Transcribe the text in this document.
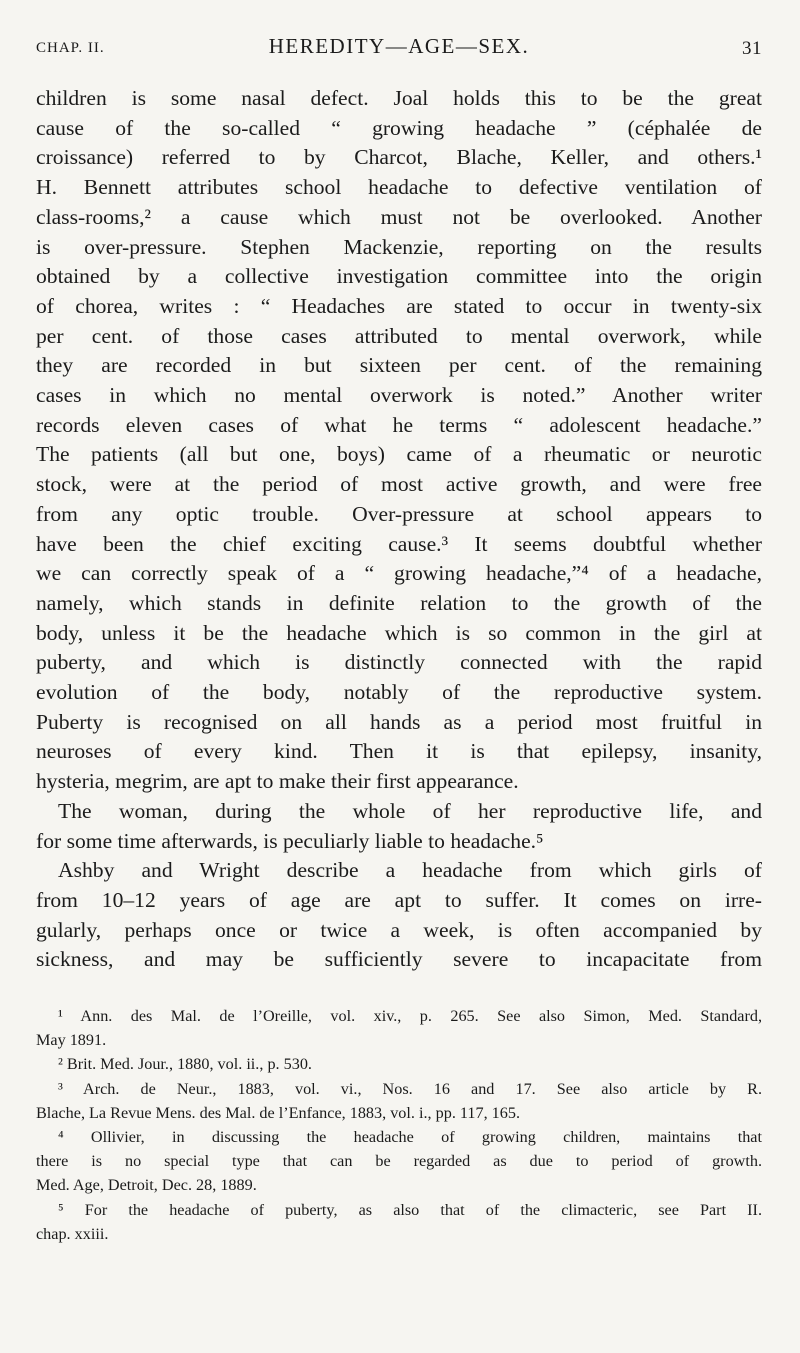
CHAP. II.	HEREDITY—AGE—SEX.	31
children is some nasal defect. Joal holds this to be the great
cause of the so-called “ growing headache ” (céphalée de
croissance) referred to by Charcot, Blache, Keller, and others.¹
H. Bennett attributes school headache to defective ventilation of
class-rooms,² a cause which must not be overlooked. Another
is over-pressure. Stephen Mackenzie, reporting on the results
obtained by a collective investigation committee into the origin
of chorea, writes : “ Headaches are stated to occur in twenty-six
per cent. of those cases attributed to mental overwork, while
they are recorded in but sixteen per cent. of the remaining
cases in which no mental overwork is noted.” Another writer
records eleven cases of what he terms “ adolescent headache.”
The patients (all but one, boys) came of a rheumatic or neurotic
stock, were at the period of most active growth, and were free
from any optic trouble. Over-pressure at school appears to
have been the chief exciting cause.³ It seems doubtful whether
we can correctly speak of a “ growing headache,”⁴ of a headache,
namely, which stands in definite relation to the growth of the
body, unless it be the headache which is so common in the girl at
puberty, and which is distinctly connected with the rapid
evolution of the body, notably of the reproductive system.
Puberty is recognised on all hands as a period most fruitful in
neuroses of every kind. Then it is that epilepsy, insanity,
hysteria, megrim, are apt to make their first appearance.
The woman, during the whole of her reproductive life, and
for some time afterwards, is peculiarly liable to headache.⁵
Ashby and Wright describe a headache from which girls of
from 10–12 years of age are apt to suffer. It comes on irre-
gularly, perhaps once or twice a week, is often accompanied by
sickness, and may be sufficiently severe to incapacitate from
¹ Ann. des Mal. de l’Oreille, vol. xiv., p. 265. See also Simon, Med. Standard,
May 1891.
² Brit. Med. Jour., 1880, vol. ii., p. 530.
³ Arch. de Neur., 1883, vol. vi., Nos. 16 and 17. See also article by R.
Blache, La Revue Mens. des Mal. de l’Enfance, 1883, vol. i., pp. 117, 165.
⁴ Ollivier, in discussing the headache of growing children, maintains that
there is no special type that can be regarded as due to period of growth.
Med. Age, Detroit, Dec. 28, 1889.
⁵ For the headache of puberty, as also that of the climacteric, see Part II.
chap. xxiii.
